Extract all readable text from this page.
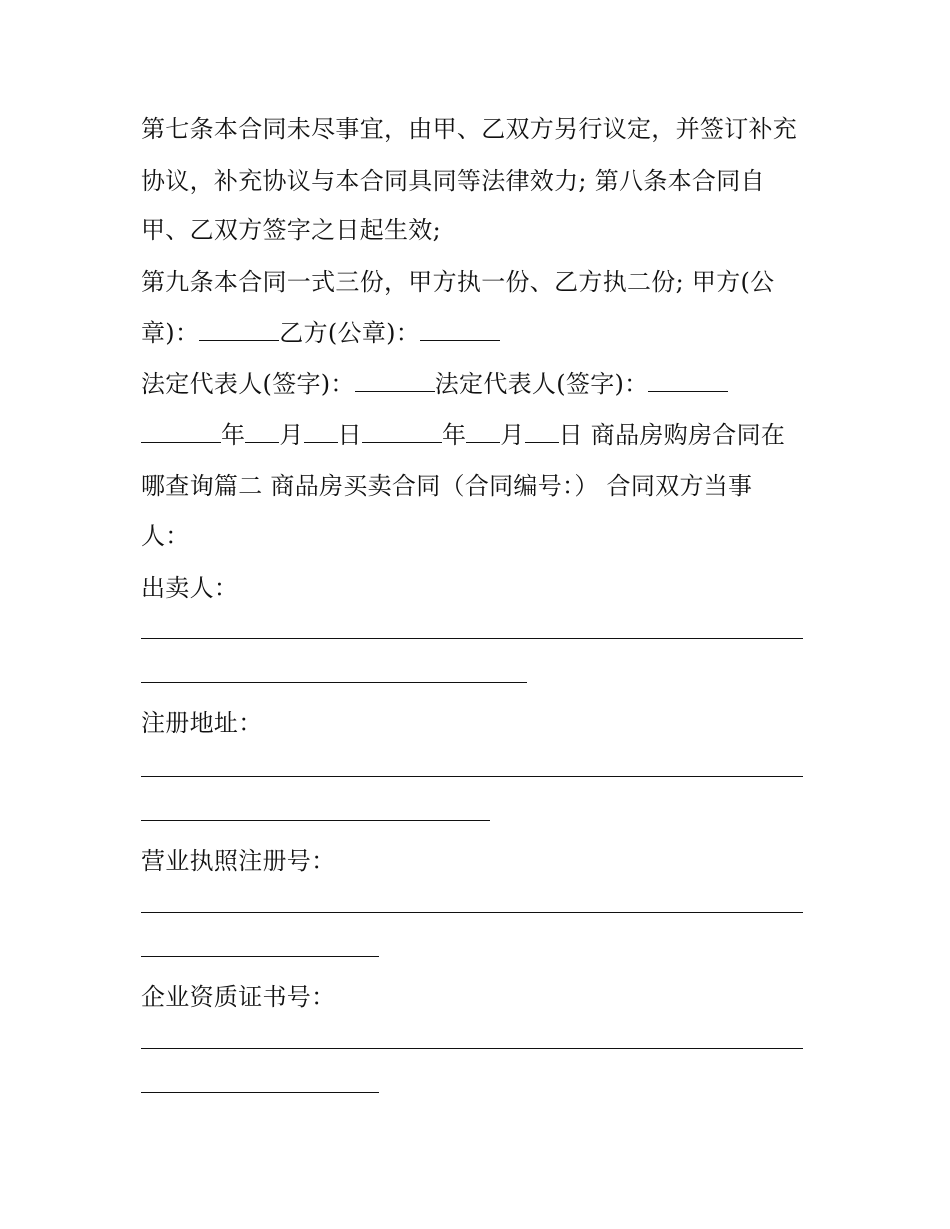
第七条本合同未尽事宜，由甲、乙双方另行议定，并签订补充
协议，补充协议与本合同具同等法律效力; 第八条本合同自
甲、乙双方签字之日起生效;
第九条本合同一式三份，甲方执一份、乙方执二份; 甲方(公
章)：	乙方(公章)：
法定代表人(签字)：	法定代表人(签字)：
年 月 日	年 月 日 商品房购房合同在
哪查询篇二 商品房买卖合同（合同编号：） 合同双方当事
人：
出卖人：
注册地址：
营业执照注册号：
企业资质证书号：
